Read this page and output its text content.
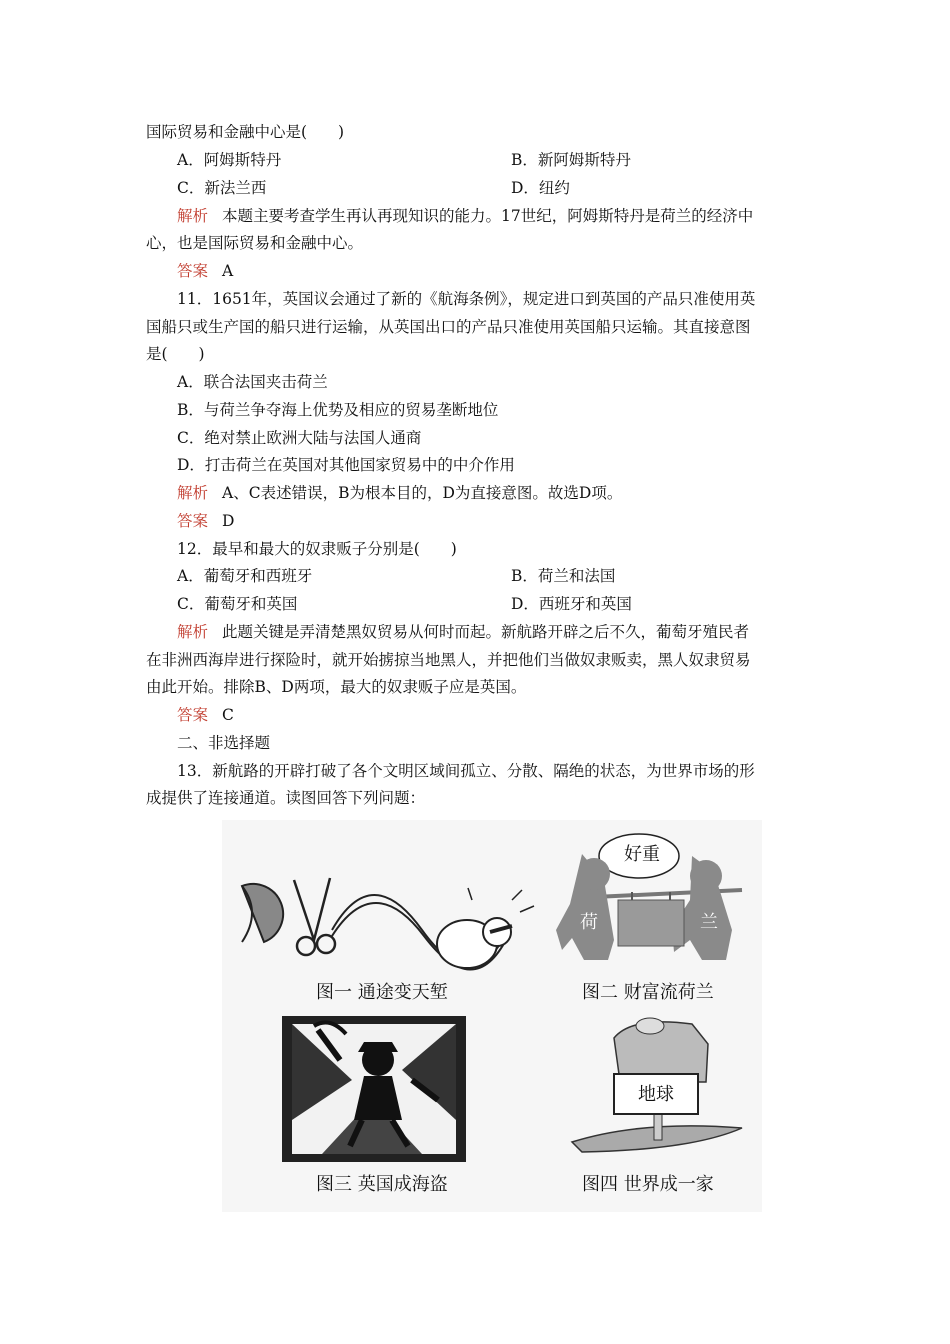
国际贸易和金融中心是(　　)
A．阿姆斯特丹	B．新阿姆斯特丹
C．新法兰西	D．纽约
解析 本题主要考查学生再认再现知识的能力。17世纪，阿姆斯特丹是荷兰的经济中
心，也是国际贸易和金融中心。
答案 A
11．1651年，英国议会通过了新的《航海条例》，规定进口到英国的产品只准使用英
国船只或生产国的船只进行运输，从英国出口的产品只准使用英国船只运输。其直接意图
是(　　)
A．联合法国夹击荷兰
B．与荷兰争夺海上优势及相应的贸易垄断地位
C．绝对禁止欧洲大陆与法国人通商
D．打击荷兰在英国对其他国家贸易中的中介作用
解析 A、C表述错误，B为根本目的，D为直接意图。故选D项。
答案 D
12．最早和最大的奴隶贩子分别是(　　)
A．葡萄牙和西班牙	B．荷兰和法国
C．葡萄牙和英国	D．西班牙和英国
解析 此题关键是弄清楚黑奴贸易从何时而起。新航路开辟之后不久，葡萄牙殖民者
在非洲西海岸进行探险时，就开始掳掠当地黑人，并把他们当做奴隶贩卖，黑人奴隶贸易
由此开始。排除B、D两项，最大的奴隶贩子应是英国。
答案 C
二、非选择题
13．新航路的开辟打破了各个文明区域间孤立、分散、隔绝的状态，为世界市场的形
成提供了连接通道。读图回答下列问题：
图一 通途变天堑	图二 财富流荷兰
好重
荷	兰
图三 英国成海盗	图四 世界成一家
地球
